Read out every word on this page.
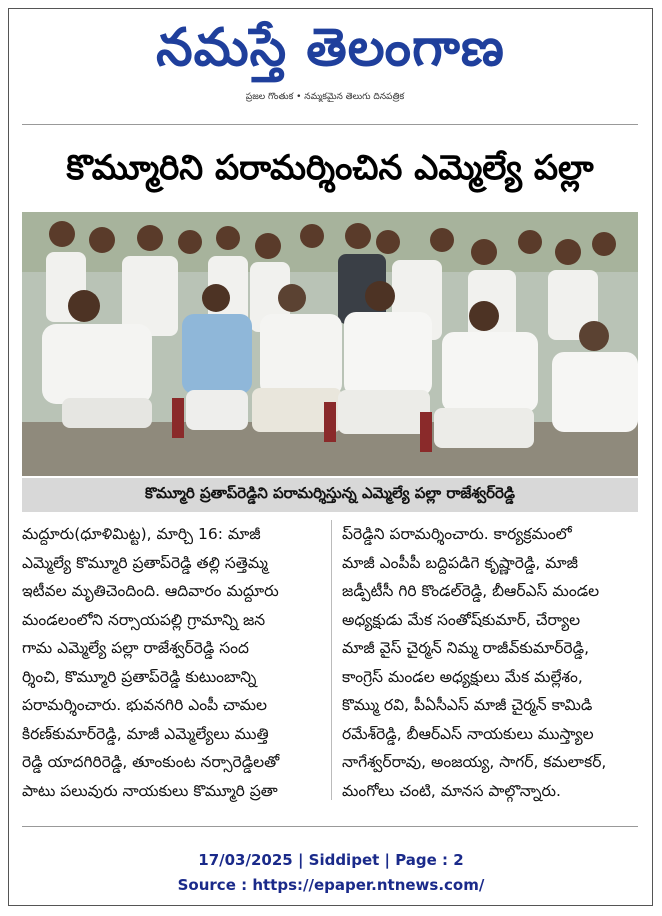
నమస్తే తెలంగాణ
ప్రజల గొంతుక • నమ్మకమైన తెలుగు దినపత్రిక
కొమ్మూరిని పరామర్శించిన ఎమ్మెల్యే పల్లా
కొమ్మూరి ప్రతాప్‌రెడ్డిని పరామర్శిస్తున్న ఎమ్మెల్యే పల్లా రాజేశ్వర్‌రెడ్డి
మద్దూరు(ధూళిమిట్ట), మార్చి 16: మాజీ
ఎమ్మెల్యే కొమ్మూరి ప్రతాప్‌రెడ్డి తల్లి సత్తెమ్మ
ఇటీవల మృతిచెందింది. ఆదివారం మద్దూరు
మండలంలోని నర్సాయపల్లి గ్రామాన్ని జన
గామ ఎమ్మెల్యే పల్లా రాజేశ్వర్‌రెడ్డి సంద
ర్శించి, కొమ్మూరి ప్రతాప్‌రెడ్డి కుటుంబాన్ని
పరామర్శించారు. భువనగిరి ఎంపీ చామల
కిరణ్‌కుమార్‌రెడ్డి, మాజీ ఎమ్మెల్యేలు ముత్తి
రెడ్డి యాదగిరిరెడ్డి, తూంకుంట నర్సారెడ్డిలతో
పాటు పలువురు నాయకులు కొమ్మూరి ప్రతా
ప్‌రెడ్డిని పరామర్శించారు. కార్యక్రమంలో
మాజీ ఎంపీపీ బద్దిపడిగె కృష్ణారెడ్డి, మాజీ
జడ్పీటీసీ గిరి కొండల్‌రెడ్డి, బీఆర్‌ఎస్ మండల
అధ్యక్షుడు మేక సంతోష్‌కుమార్, చేర్యాల
మాజీ వైస్ చైర్మన్ నిమ్మ రాజీవ్‌కుమార్‌రెడ్డి,
కాంగ్రెస్ మండల అధ్యక్షులు మేక మల్లేశం,
కొమ్ము రవి, పీఏసీఎస్ మాజీ చైర్మన్ కామిడి
రమేశ్‌రెడ్డి, బీఆర్‌ఎస్ నాయకులు ముస్త్యాల
నాగేశ్వర్‌రావు, అంజయ్య, సాగర్, కమలాకర్,
మంగోలు చంటి, మానస పాల్గొన్నారు.
17/03/2025 | Siddipet | Page : 2
Source : https://epaper.ntnews.com/
